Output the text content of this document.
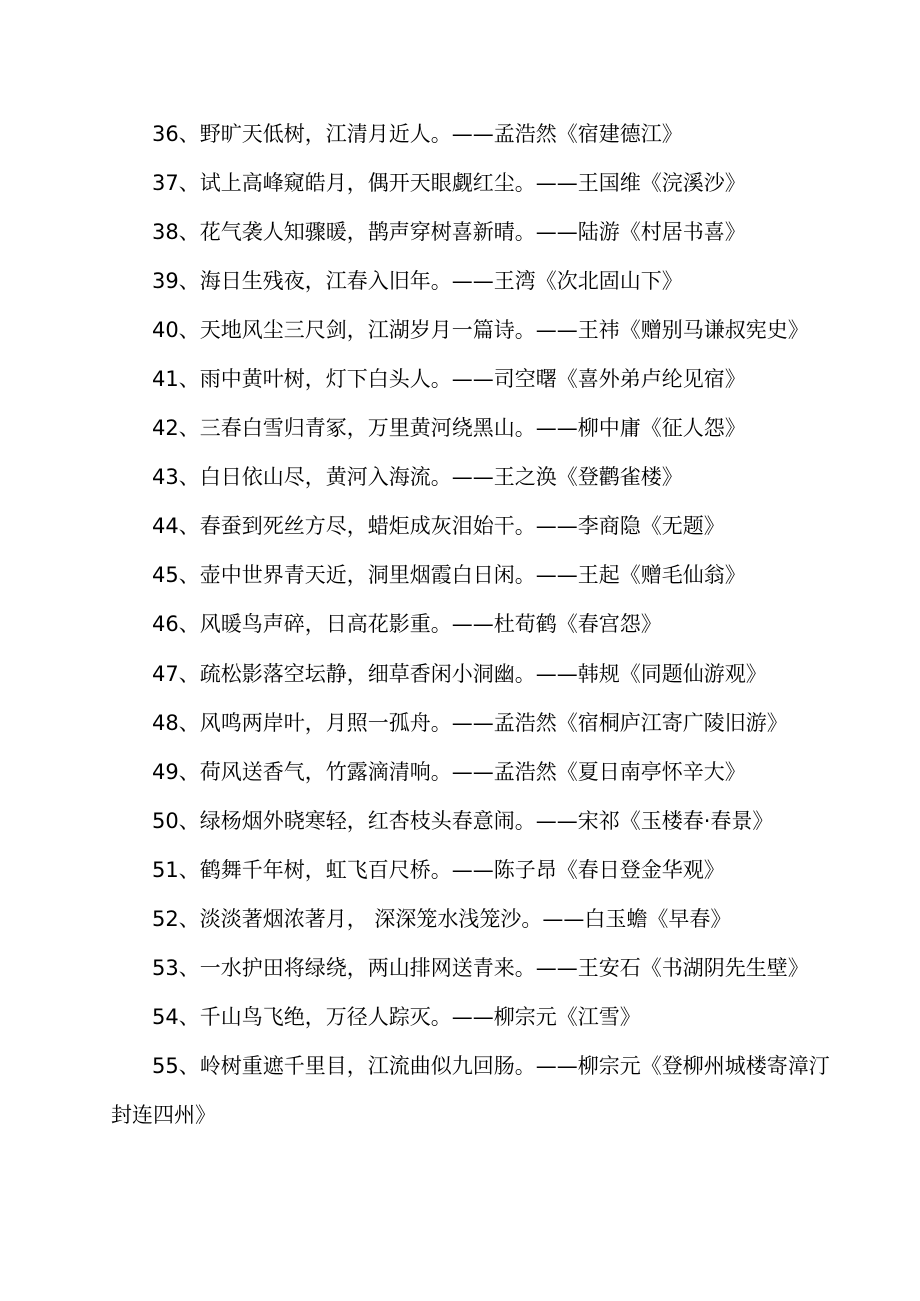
36、野旷天低树，江清月近人。——孟浩然《宿建德江》
37、试上高峰窥皓月，偶开天眼觑红尘。——王国维《浣溪沙》
38、花气袭人知骤暖，鹊声穿树喜新晴。——陆游《村居书喜》
39、海日生残夜，江春入旧年。——王湾《次北固山下》
40、天地风尘三尺剑，江湖岁月一篇诗。——王祎《赠别马谦叔宪史》
41、雨中黄叶树，灯下白头人。——司空曙《喜外弟卢纶见宿》
42、三春白雪归青冢，万里黄河绕黑山。——柳中庸《征人怨》
43、白日依山尽，黄河入海流。——王之涣《登鹳雀楼》
44、春蚕到死丝方尽，蜡炬成灰泪始干。——李商隐《无题》
45、壶中世界青天近，洞里烟霞白日闲。——王起《赠毛仙翁》
46、风暖鸟声碎，日高花影重。——杜荀鹤《春宫怨》
47、疏松影落空坛静，细草香闲小洞幽。——韩规《同题仙游观》
48、风鸣两岸叶，月照一孤舟。——孟浩然《宿桐庐江寄广陵旧游》
49、荷风送香气，竹露滴清响。——孟浩然《夏日南亭怀辛大》
50、绿杨烟外晓寒轻，红杏枝头春意闹。——宋祁《玉楼春·春景》
51、鹤舞千年树，虹飞百尺桥。——陈子昂《春日登金华观》
52、淡淡著烟浓著月， 深深笼水浅笼沙。——白玉蟾《早春》
53、一水护田将绿绕，两山排网送青来。——王安石《书湖阴先生壁》
54、千山鸟飞绝，万径人踪灭。——柳宗元《江雪》
55、岭树重遮千里目，江流曲似九回肠。——柳宗元《登柳州城楼寄漳汀
封连四州》
